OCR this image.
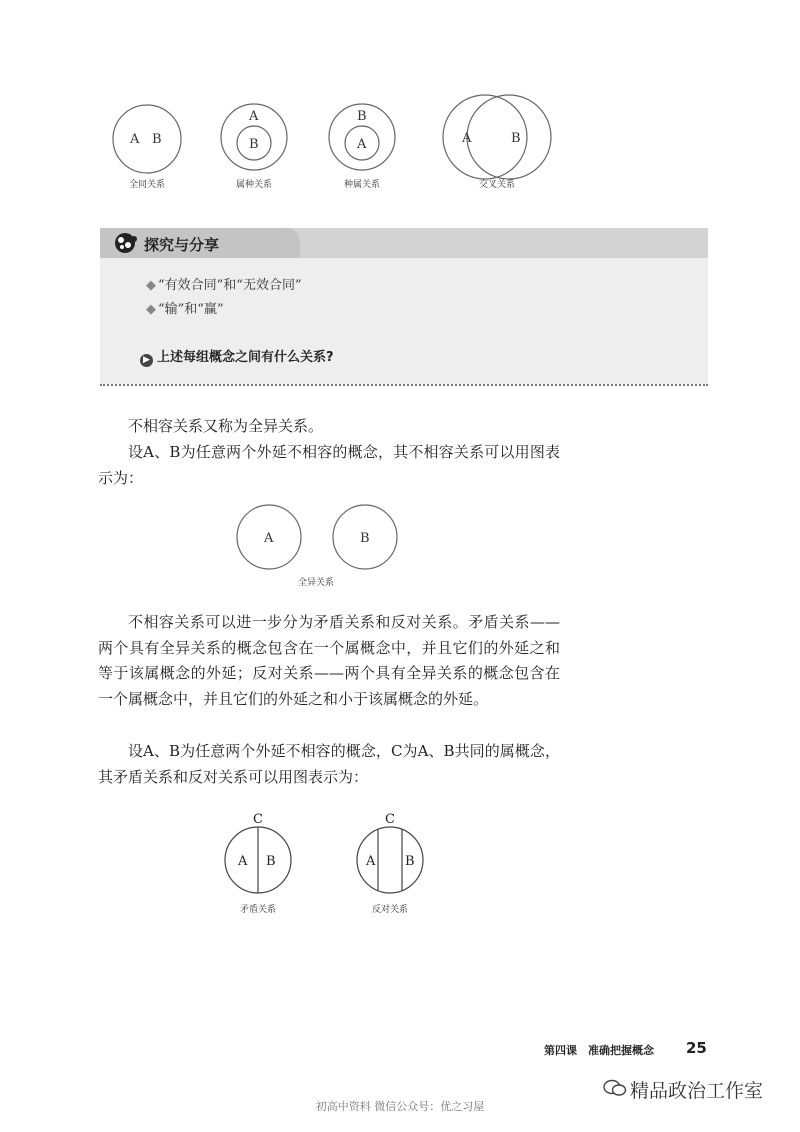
A B
A
B
B
A	A	B
全同关系	属种关系	种属关系	交叉关系
探究与分享
◆ “有效合同”和“无效合同”
◆ “输”和“赢”
▶ 上述每组概念之间有什么关系?

不相容关系又称为全异关系。

设A、B为任意两个外延不相容的概念，其不相容关系可以用图表示为：

A	B
全异关系

不相容关系可以进一步分为矛盾关系和反对关系。矛盾关系——两个具有全异关系的概念包含在一个属概念中，并且它们的外延之和等于该属概念的外延；反对关系——两个具有全异关系的概念包含在一个属概念中，并且它们的外延之和小于该属概念的外延。

设A、B为任意两个外延不相容的概念，C为A、B共同的属概念，其矛盾关系和反对关系可以用图表示为：

C
A B
C
A B
矛盾关系	反对关系
第四课　准确把握概念 25
精品政治工作室
初高中资料 微信公众号：优之习屋
